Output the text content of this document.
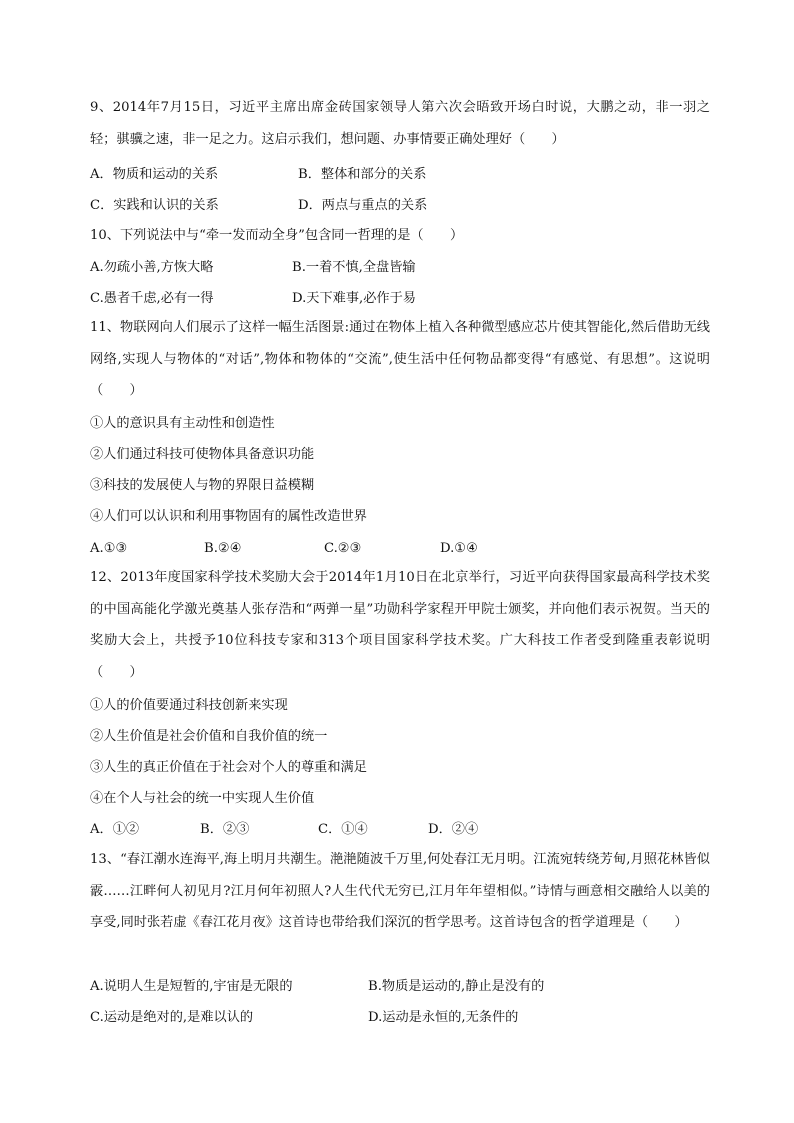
9、2014年7月15日，习近平主席出席金砖国家领导人第六次会晤致开场白时说，大鹏之动，非一羽之轻；骐骥之速，非一足之力。这启示我们，想问题、办事情要正确处理好（　　）

A．物质和运动的关系	B．整体和部分的关系
C．实践和认识的关系	D．两点与重点的关系
10、下列说法中与“牵一发而动全身”包含同一哲理的是（　　）
A.勿疏小善,方恢大略	B.一着不慎,全盘皆输
C.愚者千虑,必有一得	D.天下难事,必作于易

11、物联网向人们展示了这样一幅生活图景:通过在物体上植入各种微型感应芯片使其智能化,然后借助无线网络,实现人与物体的“对话”,物体和物体的“交流”,使生活中任何物品都变得“有感觉、有思想”。这说明（　　）

①人的意识具有主动性和创造性
②人们通过科技可使物体具备意识功能
③科技的发展使人与物的界限日益模糊
④人们可以认识和利用事物固有的属性改造世界
A.①③	B.②④	C.②③	D.①④

12、2013年度国家科学技术奖励大会于2014年1月10日在北京举行，习近平向获得国家最高科学技术奖的中国高能化学激光奠基人张存浩和“两弹一星”功勋科学家程开甲院士颁奖，并向他们表示祝贺。当天的奖励大会上，共授予10位科技专家和313个项目国家科学技术奖。广大科技工作者受到隆重表彰说明（　　）

①人的价值要通过科技创新来实现
②人生价值是社会价值和自我价值的统一
③人生的真正价值在于社会对个人的尊重和满足
④在个人与社会的统一中实现人生价值
A．①②	B．②③	C．①④	D．②④

13、“春江潮水连海平,海上明月共潮生。滟滟随波千万里,何处春江无月明。江流宛转绕芳甸,月照花林皆似霰……江畔何人初见月?江月何年初照人?人生代代无穷已,江月年年望相似。”诗情与画意相交融给人以美的享受,同时张若虚《春江花月夜》这首诗也带给我们深沉的哲学思考。这首诗包含的哲学道理是（　　）

A.说明人生是短暂的,宇宙是无限的	B.物质是运动的,静止是没有的
C.运动是绝对的,是难以认的	D.运动是永恒的,无条件的
